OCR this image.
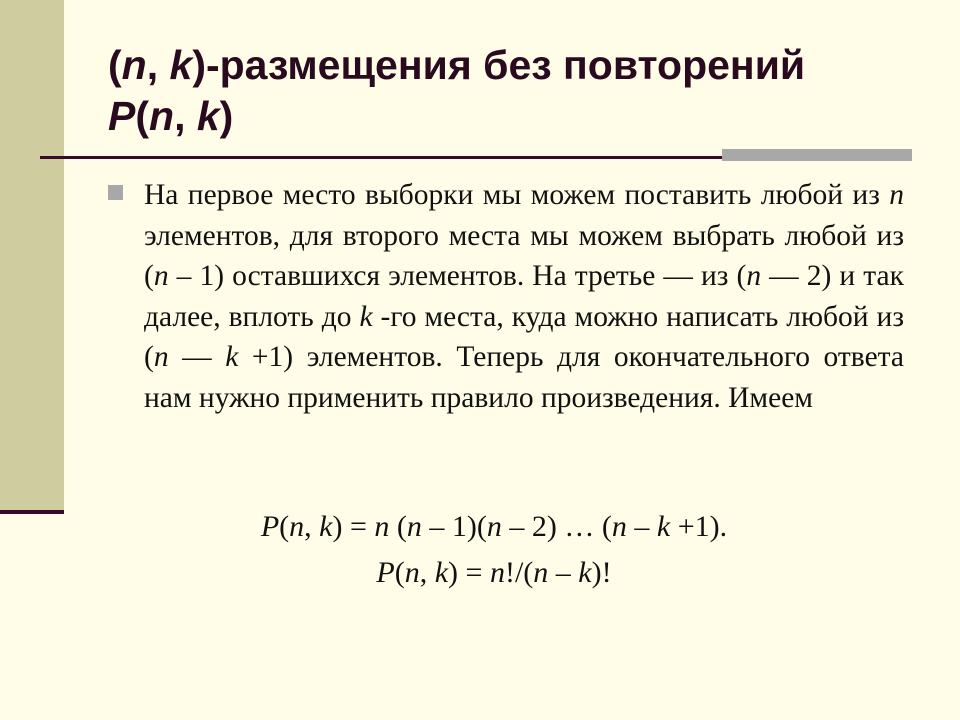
(n, k)-размещения без повторений
P(n, k)

На первое место выборки мы можем поставить любой из n элементов, для второго места мы можем выбрать любой из (n – 1) оставшихся элементов. На третье — из (n — 2) и так далее, вплоть до k -го места, куда можно написать любой из (n — k +1) элементов. Теперь для окончательного ответа нам нужно применить правило произведения. Имеем

P(n, k) = n (n – 1)(n – 2) … (n – k +1).
P(n, k) = n!/(n – k)!
